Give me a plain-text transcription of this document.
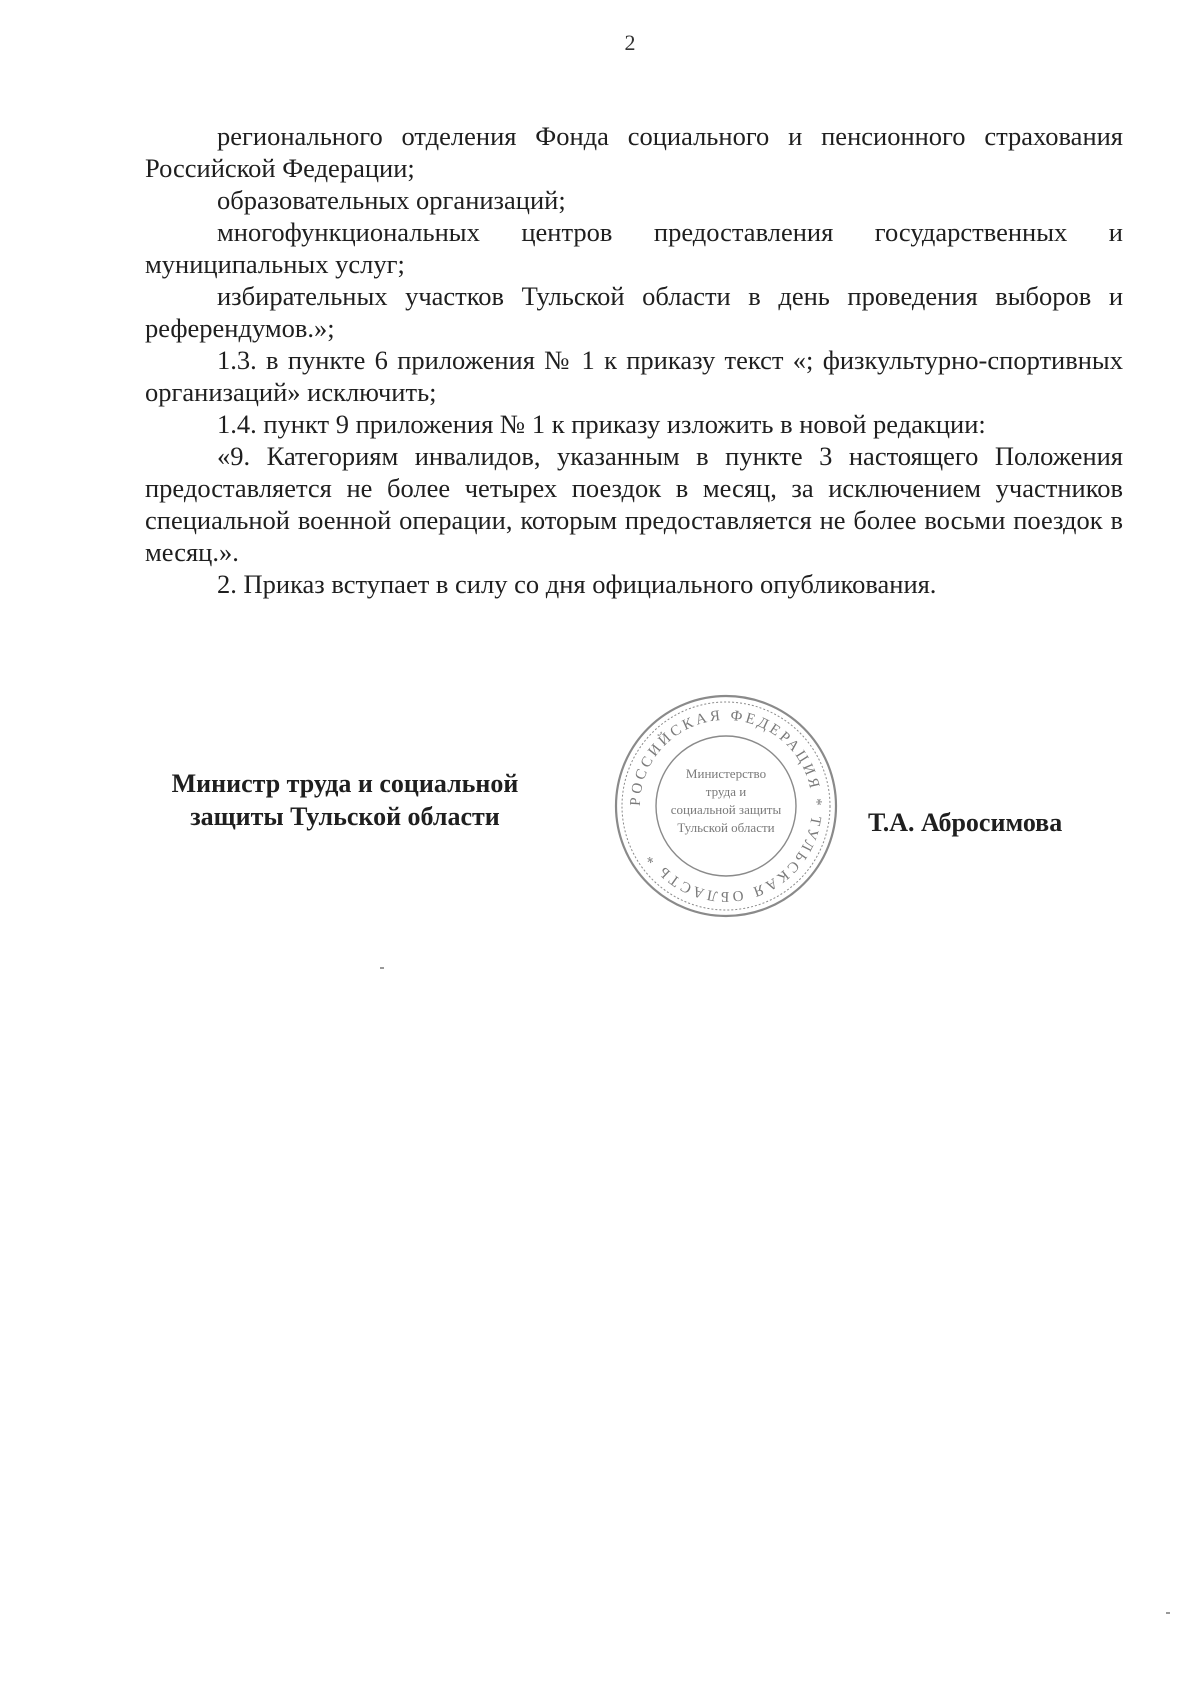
2

регионального отделения Фонда социального и пенсионного страхования Российской Федерации;

образовательных организаций;

многофункциональных центров предоставления государственных и муниципальных услуг;

избирательных участков Тульской области в день проведения выборов и референдумов.»;

1.3. в пункте 6 приложения № 1 к приказу текст «; физкультурно-спортивных организаций» исключить;

1.4. пункт 9 приложения № 1 к приказу изложить в новой редакции:

«9. Категориям инвалидов, указанным в пункте 3 настоящего Положения предоставляется не более четырех поездок в месяц, за исключением участников специальной военной операции, которым предоставляется не более восьми поездок в месяц.».

2. Приказ вступает в силу со дня официального опубликования.

Министр труда и социальной
защиты Тульской области
РОССИЙСКАЯ ФЕДЕРАЦИЯ * ТУЛЬСКАЯ ОБЛАСТЬ *
Министерство
труда и
социальной защиты
Тульской области	Т.А. Абросимова
